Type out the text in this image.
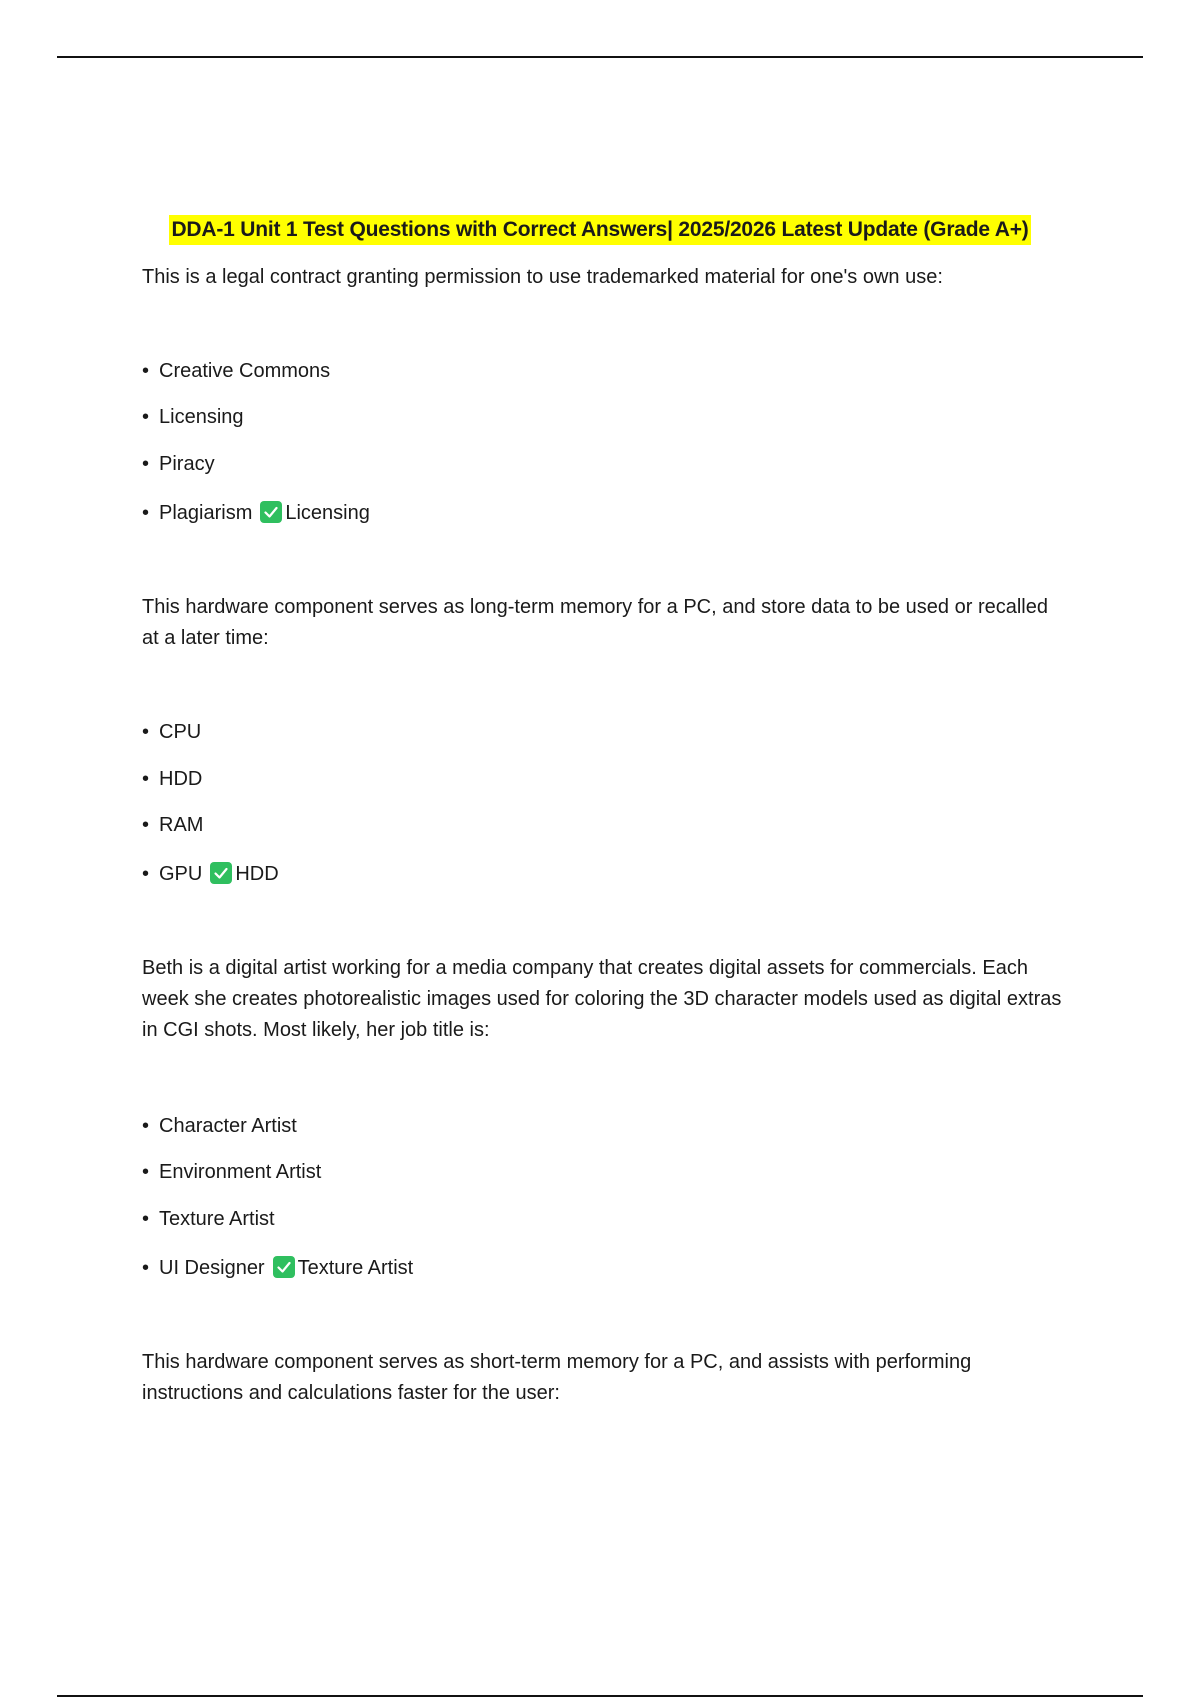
DDA-1 Unit 1 Test Questions with Correct Answers| 2025/2026 Latest Update (Grade A+)

This is a legal contract granting permission to use trademarked material for one's own use:

• Creative Commons

• Licensing

• Piracy

• Plagiarism Licensing

This hardware component serves as long-term memory for a PC, and store data to be used or recalled at a later time:

• CPU

• HDD

• RAM

• GPU HDD

Beth is a digital artist working for a media company that creates digital assets for commercials. Each week she creates photorealistic images used for coloring the 3D character models used as digital extras in CGI shots. Most likely, her job title is:

• Character Artist

• Environment Artist

• Texture Artist

• UI Designer Texture Artist

This hardware component serves as short-term memory for a PC, and assists with performing instructions and calculations faster for the user:
